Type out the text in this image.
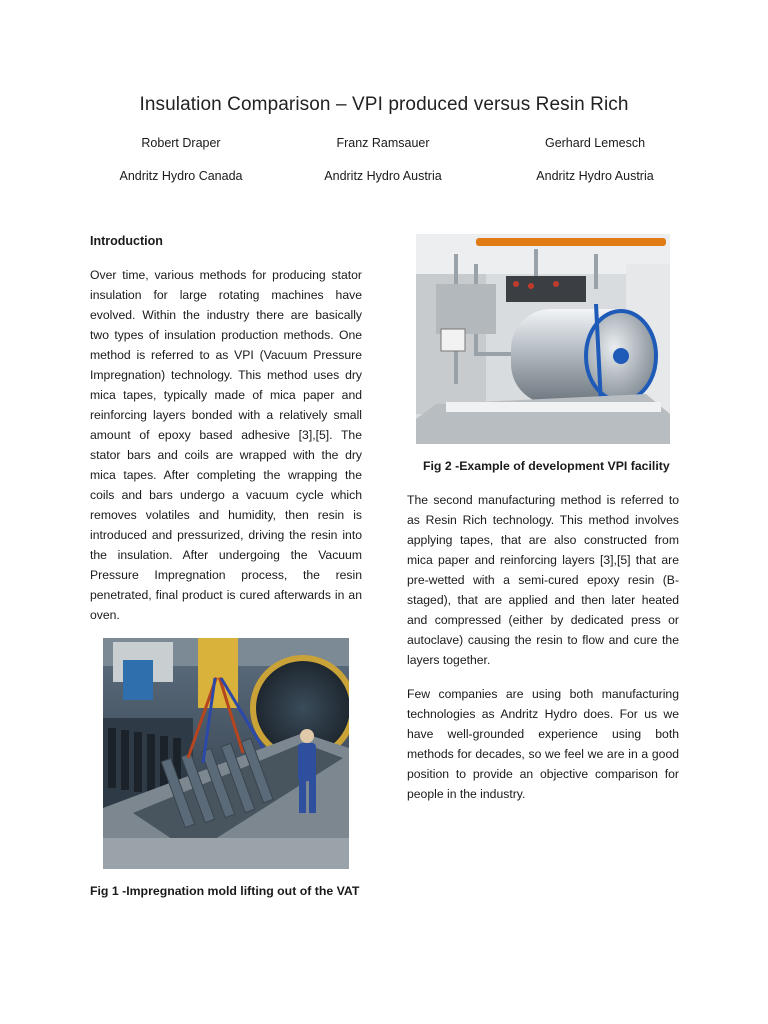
Insulation Comparison – VPI produced versus Resin Rich
Robert Draper	Franz Ramsauer	Gerhard Lemesch
Andritz Hydro Canada	Andritz Hydro Austria	Andritz Hydro Austria
Introduction
Over time, various methods for producing stator insulation for large rotating machines have evolved. Within the industry there are basically two types of insulation production methods. One method is referred to as VPI (Vacuum Pressure Impregnation) technology. This method uses dry mica tapes, typically made of mica paper and reinforcing layers bonded with a relatively small amount of epoxy based adhesive [3],[5]. The stator bars and coils are wrapped with the dry mica tapes. After completing the wrapping the coils and bars undergo a vacuum cycle which removes volatiles and humidity, then resin is introduced and pressurized, driving the resin into the insulation. After undergoing the Vacuum Pressure Impregnation process, the resin penetrated, final product is cured afterwards in an oven.
Fig 1 -Impregnation mold lifting out of the VAT
Fig 2 -Example of development VPI facility
The second manufacturing method is referred to as Resin Rich technology. This method involves applying tapes, that are also constructed from mica paper and reinforcing layers [3],[5] that are pre-wetted with a semi-cured epoxy resin (B-staged), that are applied and then later heated and compressed (either by dedicated press or autoclave) causing the resin to flow and cure the layers together.
Few companies are using both manufacturing technologies as Andritz Hydro does. For us we have well-grounded experience using both methods for decades, so we feel we are in a good position to provide an objective comparison for people in the industry.
